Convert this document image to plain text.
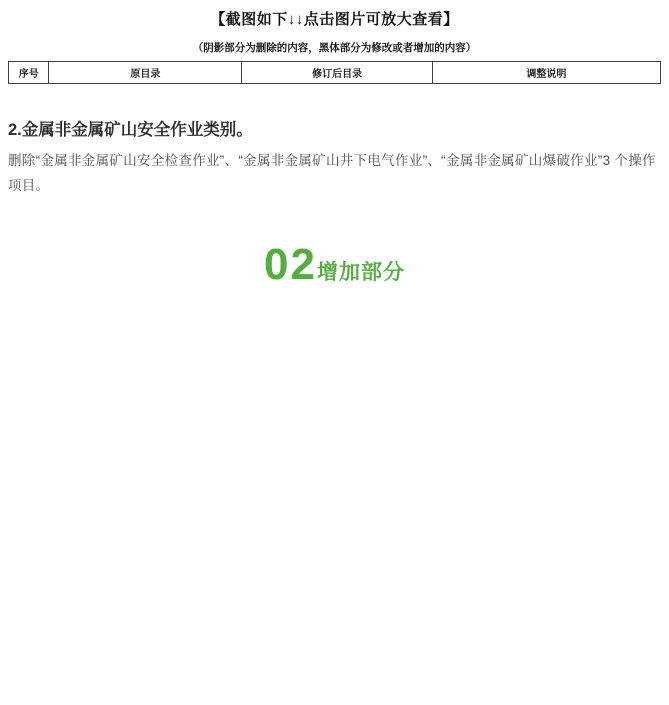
【截图如下↓↓点击图片可放大查看】
（阴影部分为删除的内容，黑体部分为修改或者增加的内容）
序号	原目录	修订后目录	调整说明
2.金属非金属矿山安全作业类别。

删除“金属非金属矿山安全检查作业”、“金属非金属矿山井下电气作业”、“金属非金属矿山爆破作业”3 个操作项目。

02增加部分
